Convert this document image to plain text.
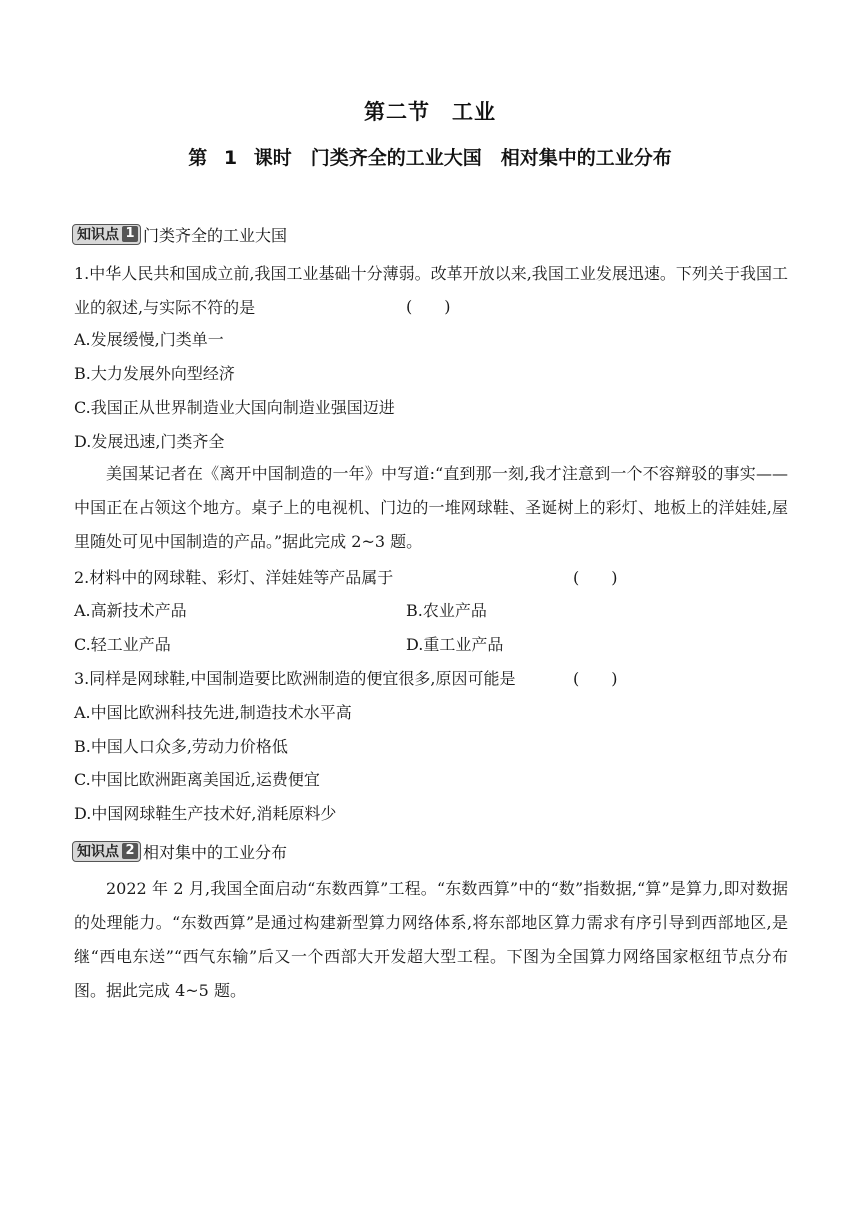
第二节　工业
第 1 课时　门类齐全的工业大国　相对集中的工业分布
知识点 1 门类齐全的工业大国

1.中华人民共和国成立前,我国工业基础十分薄弱。改革开放以来,我国工业发展迅速。下列关于我国工业的叙述,与实际不符的是	(　　)
A.发展缓慢,门类单一
B.大力发展外向型经济
C.我国正从世界制造业大国向制造业强国迈进
D.发展迅速,门类齐全

美国某记者在《离开中国制造的一年》中写道:“直到那一刻,我才注意到一个不容辩驳的事实——中国正在占领这个地方。桌子上的电视机、门边的一堆网球鞋、圣诞树上的彩灯、地板上的洋娃娃,屋里随处可见中国制造的产品。”据此完成 2~3 题。

2.材料中的网球鞋、彩灯、洋娃娃等产品属于	(　　)
A.高新技术产品	B.农业产品
C.轻工业产品	D.重工业产品
3.同样是网球鞋,中国制造要比欧洲制造的便宜很多,原因可能是	(　　)
A.中国比欧洲科技先进,制造技术水平高
B.中国人口众多,劳动力价格低
C.中国比欧洲距离美国近,运费便宜
D.中国网球鞋生产技术好,消耗原料少
知识点 2 相对集中的工业分布

2022 年 2 月,我国全面启动“东数西算”工程。“东数西算”中的“数”指数据,“算”是算力,即对数据的处理能力。“东数西算”是通过构建新型算力网络体系,将东部地区算力需求有序引导到西部地区,是继“西电东送”“西气东输”后又一个西部大开发超大型工程。下图为全国算力网络国家枢纽节点分布图。据此完成 4~5 题。
